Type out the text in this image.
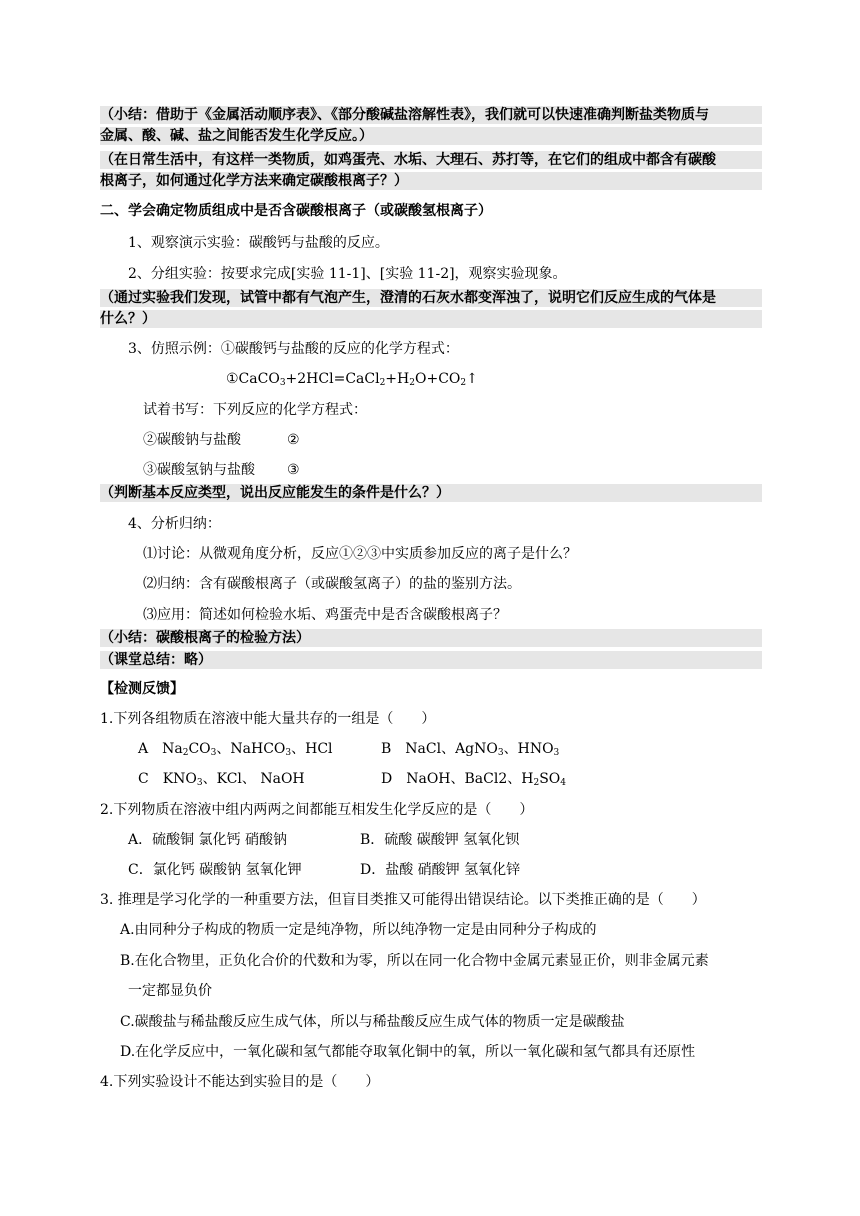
（小结：借助于《金属活动顺序表》、《部分酸碱盐溶解性表》，我们就可以快速准确判断盐类物质与
金属、酸、碱、盐之间能否发生化学反应。）
（在日常生活中，有这样一类物质，如鸡蛋壳、水垢、大理石、苏打等，在它们的组成中都含有碳酸
根离子，如何通过化学方法来确定碳酸根离子？）
二、学会确定物质组成中是否含碳酸根离子（或碳酸氢根离子）
1、观察演示实验：碳酸钙与盐酸的反应。
2、分组实验：按要求完成[实验 11-1]、[实验 11-2]，观察实验现象。
（通过实验我们发现，试管中都有气泡产生，澄清的石灰水都变浑浊了，说明它们反应生成的气体是
什么？）
3、仿照示例：①碳酸钙与盐酸的反应的化学方程式：
$①CaCO_3+2HCl=CaCl_2+H_2O+CO_2↑$
试着书写：下列反应的化学方程式：
②碳酸钠与盐酸	②
③碳酸氢钠与盐酸 ③
（判断基本反应类型，说出反应能发生的条件是什么？）
4、分析归纳：
⑴讨论：从微观角度分析，反应①②③中实质参加反应的离子是什么？
⑵归纳：含有碳酸根离子（或碳酸氢离子）的盐的鉴别方法。
⑶应用：简述如何检验水垢、鸡蛋壳中是否含碳酸根离子？
（小结：碳酸根离子的检验方法）
（课堂总结：略）
【检测反馈】
1.下列各组物质在溶液中能大量共存的一组是（　　）
A　$Na_2CO_3$、NaHCO$_3$、HCl	B　NaCl、AgNO$_3$、$HNO_3$
C　$KNO_3$、KCl、 NaOH	D　NaOH、BaCl2、$H_2SO_4$
2.下列物质在溶液中组内两两之间都能互相发生化学反应的是（　　）
A．硫酸铜 氯化钙 硝酸钠	B．硫酸 碳酸钾 氢氧化钡
C．氯化钙 碳酸钠 氢氧化钾	D．盐酸 硝酸钾 氢氧化锌
3. 推理是学习化学的一种重要方法，但盲目类推又可能得出错误结论。以下类推正确的是（　　）
A.由同种分子构成的物质一定是纯净物，所以纯净物一定是由同种分子构成的
B.在化合物里，正负化合价的代数和为零，所以在同一化合物中金属元素显正价，则非金属元素
一定都显负价
C.碳酸盐与稀盐酸反应生成气体，所以与稀盐酸反应生成气体的物质一定是碳酸盐
D.在化学反应中，一氧化碳和氢气都能夺取氧化铜中的氧，所以一氧化碳和氢气都具有还原性
4.下列实验设计不能达到实验目的是（　　）
